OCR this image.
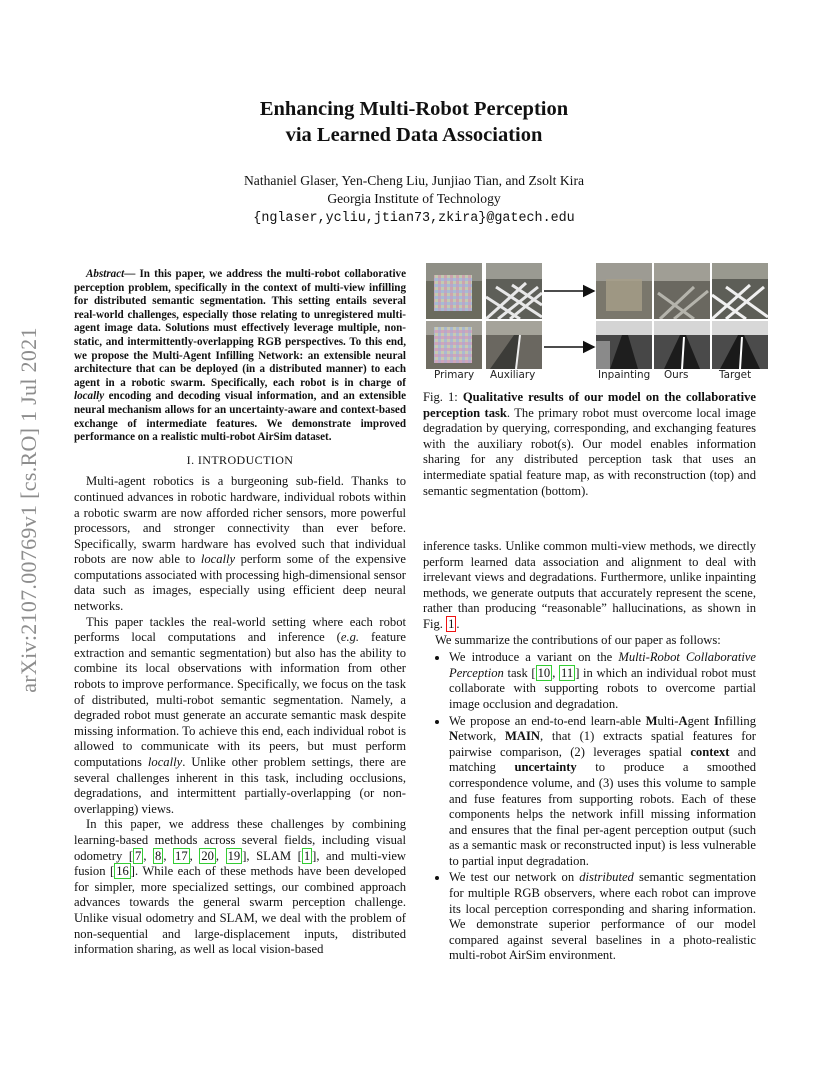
arXiv:2107.00769v1 [cs.RO] 1 Jul 2021
Enhancing Multi-Robot Perception
via Learned Data Association
Nathaniel Glaser, Yen-Cheng Liu, Junjiao Tian, and Zsolt Kira
Georgia Institute of Technology
{nglaser,ycliu,jtian73,zkira}@gatech.edu
Abstract— In this paper, we address the multi-robot collaborative perception problem, specifically in the context of multi-view infilling for distributed semantic segmentation. This setting entails several real-world challenges, especially those relating to unregistered multi-agent image data. Solutions must effectively leverage multiple, non-static, and intermittently-overlapping RGB perspectives. To this end, we propose the Multi-Agent Infilling Network: an extensible neural architecture that can be deployed (in a distributed manner) to each agent in a robotic swarm. Specifically, each robot is in charge of locally encoding and decoding visual information, and an extensible neural mechanism allows for an uncertainty-aware and context-based exchange of intermediate features. We demonstrate improved performance on a realistic multi-robot AirSim dataset.
I. INTRODUCTION

Multi-agent robotics is a burgeoning sub-field. Thanks to continued advances in robotic hardware, individual robots within a robotic swarm are now afforded richer sensors, more powerful processors, and stronger connectivity than ever before. Specifically, swarm hardware has evolved such that individual robots are now able to locally perform some of the expensive computations associated with processing high-dimensional sensor data such as images, especially using efficient deep neural networks.

This paper tackles the real-world setting where each robot performs local computations and inference (e.g. feature extraction and semantic segmentation) but also has the ability to combine its local observations with information from other robots to improve performance. Specifically, we focus on the task of distributed, multi-robot semantic segmentation. Namely, a degraded robot must generate an accurate semantic mask despite missing information. To achieve this end, each individual robot is allowed to communicate with its peers, but must perform computations locally. Unlike other problem settings, there are several challenges inherent in this task, including occlusions, degradations, and intermittent partially-overlapping (or non-overlapping) views.

In this paper, we address these challenges by combining learning-based methods across several fields, including visual odometry [ 7 , 8 , 17 , 20 , 19 ], SLAM [ 1 ], and multi-view fusion [ 16 ]. While each of these methods have been developed for simpler, more specialized settings, our combined approach advances towards the general swarm perception challenge. Unlike visual odometry and SLAM, we deal with the problem of non-sequential and large-displacement inputs, distributed information sharing, as well as local vision-based

Primary Auxiliary	Inpainting Ours	Target
Fig. 1: Qualitative results of our model on the collaborative perception task. The primary robot must overcome local image degradation by querying, corresponding, and exchanging features with the auxiliary robot(s). Our model enables information sharing for any distributed perception task that uses an intermediate spatial feature map, as with reconstruction (top) and semantic segmentation (bottom).

inference tasks. Unlike common multi-view methods, we directly perform learned data association and alignment to deal with irrelevant views and degradations. Furthermore, unlike inpainting methods, we generate outputs that accurately represent the scene, rather than producing “reasonable” hallucinations, as shown in Fig. 1 .

We summarize the contributions of our paper as follows:

• We introduce a variant on the Multi-Robot Collaborative Perception task [ 10 , 11 ] in which an individual robot must collaborate with supporting robots to overcome partial image occlusion and degradation.
• We propose an end-to-end learn-able Multi-Agent Infilling Network, MAIN, that (1) extracts spatial features for pairwise comparison, (2) leverages spatial context and matching uncertainty to produce a smoothed correspondence volume, and (3) uses this volume to sample and fuse features from supporting robots. Each of these components helps the network infill missing information and ensures that the final per-agent perception output (such as a semantic mask or reconstructed input) is less vulnerable to partial input degradation.
• We test our network on distributed semantic segmentation for multiple RGB observers, where each robot can improve its local perception corresponding and sharing information. We demonstrate superior performance of our model compared against several baselines in a photo-realistic multi-robot AirSim environment.
